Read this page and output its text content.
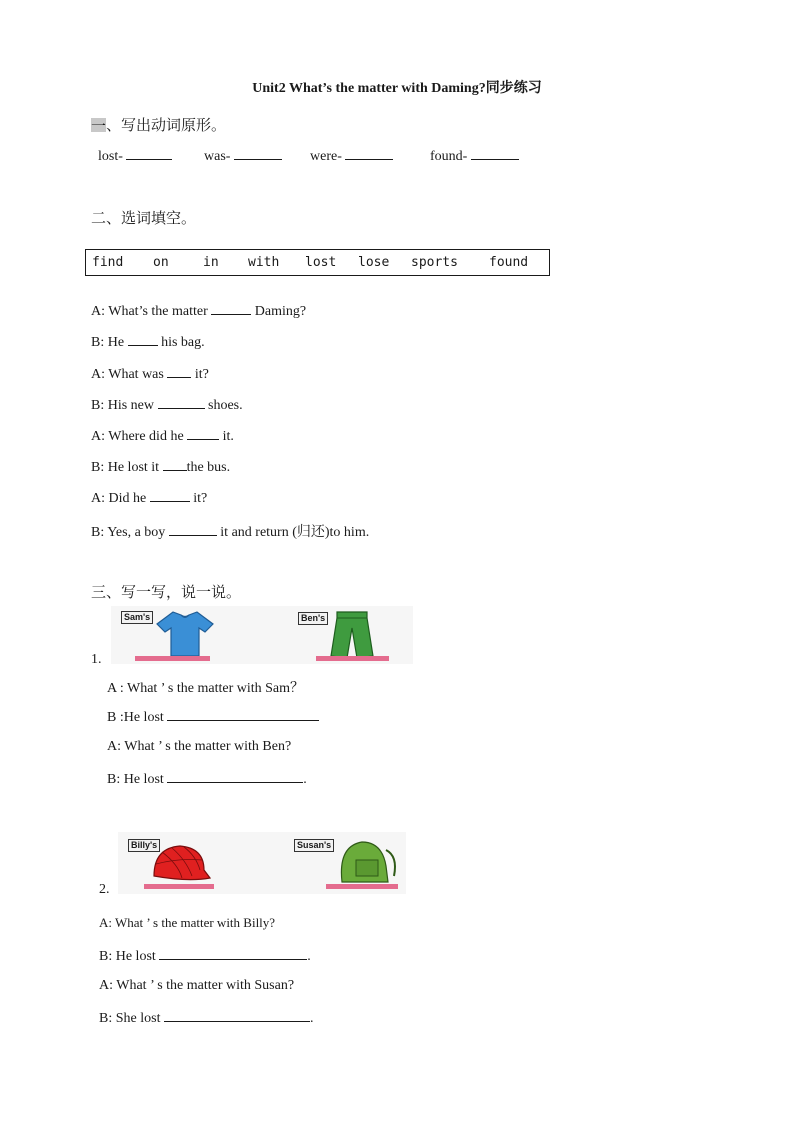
Unit2 What’s the matter with Daming?同步练习
一 、写出动词原形。
lost-	was-	were-	found-
二、选词填空。
find on	in with lost lose sports found
A: What’s the matter	Daming?
B: He  his bag.
A: What was  it?
B: His new	shoes.
A: Where did he  it.
B: He lost it the bus.
A: Did he	it?
B: Yes, a boy	it and return (归还)to him.
三、写一写，说一说。
Sam's	Ben's
1.
A : What ’ s the matter with Sam？
B :He lost
A: What ’ s the matter with Ben?
B: He lost	.
Billy's	Susan's
2.
A: What ’ s the matter with Billy?
B: He lost	.
A: What ’ s the matter with Susan?
B: She lost	.
